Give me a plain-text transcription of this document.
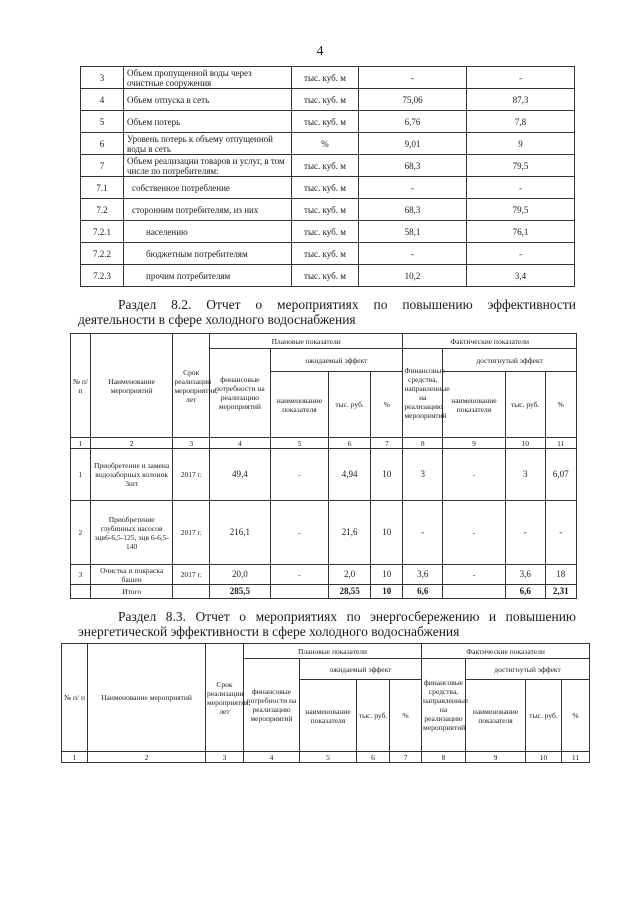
4
3	Объем пропущенной воды через очистные сооружения	тыс. куб. м	-	-
4	Объем отпуска в сеть	тыс. куб. м	75,06	87,3
5	Объем потерь	тыс. куб. м	6,76	7,8
6	Уровень потерь к объему отпущенной воды в сеть	%	9,01	9
7	Объем реализации товаров и услуг, в том числе по потребителям:	тыс. куб. м	68,3	79,5
7.1	собственное потребление	тыс. куб. м	-	-
7.2	сторонним потребителям, из них	тыс. куб. м	68,3	79,5
7.2.1	населению	тыс. куб. м	58,1	76,1
7.2.2	бюджетным потребителям	тыс. куб. м	-	-
7.2.3	прочим потребителям	тыс. куб. м	10,2	3,4
Раздел 8.2. Отчет о мероприятиях по повышению эффективности
деятельности в сфере холодного водоснабжения
№ п/ п	Наименование мероприятий	Срок реализации мероприятия, лет	Плановые показатели				Фактические показатели			
			финансовые потребности на реализацию мероприятий	ожидаемый эффект			Финансовые средства, направленные на реализацию мероприятий	достигнутый эффект		
				наименование показателя	тыс. руб.	%		наименование показателя	тыс. руб.	%
1	2	3	4	5	6	7	8	9	10	11
1	Приобретение и замена водозаборных колонок 3шт	2017 г.	49,4	-	4,94	10	3	-	3	6,07
2	Приобретение глубинных насосов эцв6-6,5-125, эцв 6-6,5-140	2017 г.	216,1	-	21,6	10	-	-	-	-
3	Очистка и покраска башен	2017 г.	20,0	-	2,0	10	3,6	-	3,6	18
	Итого		285,5		28,55	10	6,6		6,6	2,31
Раздел 8.3. Отчет о мероприятиях по энергосбережению и повышению
энергетической эффективности в сфере холодного водоснабжения
№ п/ п	Наименование мероприятий	Срок реализации мероприятия, лет	Плановые показатели				Фактические показатели			
			финансовые потребности на реализацию мероприятий	ожидаемый эффект			финансовые средства, направленные на реализацию мероприятий	достигнутый эффект		
				наименование показателя	тыс. руб.	%		наименование показателя	тыс. руб.	%
1	2	3	4	5	6	7	8	9	10	11
